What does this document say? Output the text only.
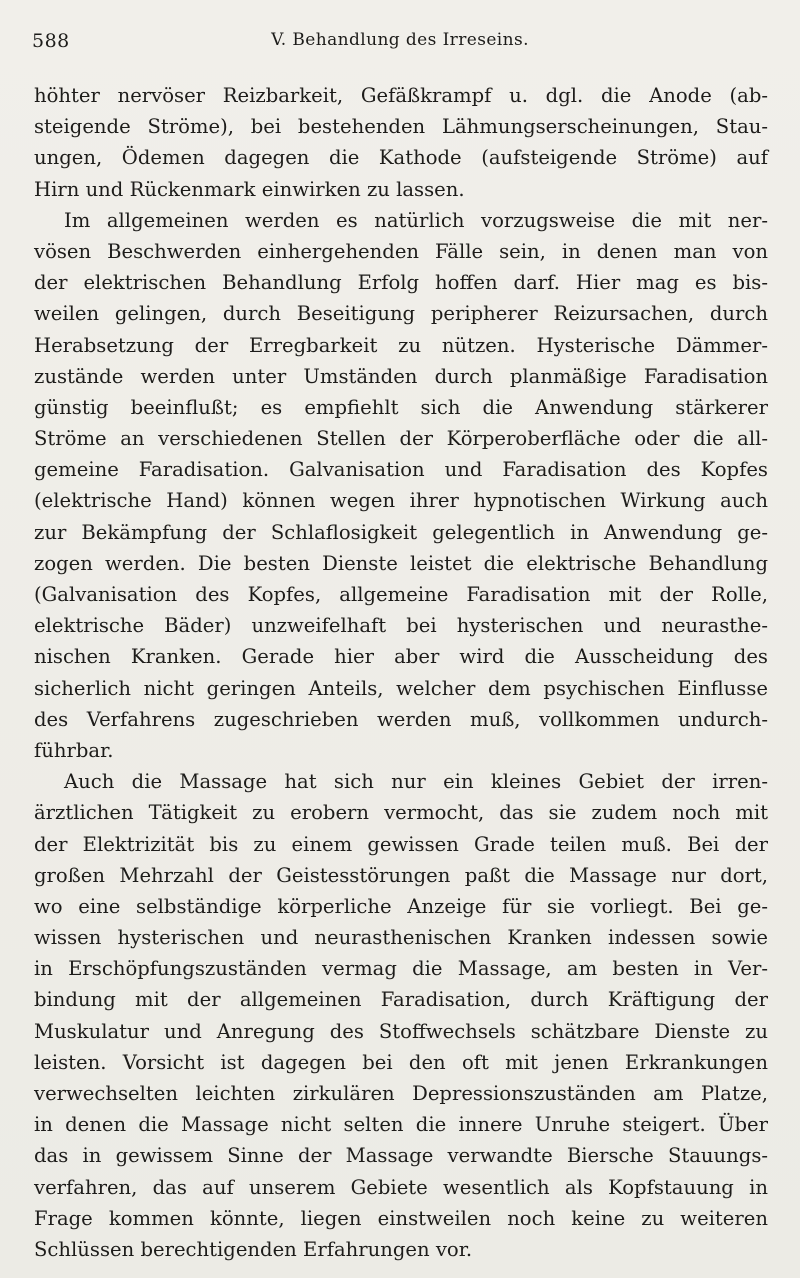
588	V. Behandlung des Irreseins.
höhter nervöser Reizbarkeit, Gefäßkrampf u. dgl. die Anode (ab-
steigende Ströme), bei bestehenden Lähmungserscheinungen, Stau-
ungen, Ödemen dagegen die Kathode (aufsteigende Ströme) auf
Hirn und Rückenmark einwirken zu lassen.
Im allgemeinen werden es natürlich vorzugsweise die mit ner-
vösen Beschwerden einhergehenden Fälle sein, in denen man von
der elektrischen Behandlung Erfolg hoffen darf. Hier mag es bis-
weilen gelingen, durch Beseitigung peripherer Reizursachen, durch
Herabsetzung der Erregbarkeit zu nützen. Hysterische Dämmer-
zustände werden unter Umständen durch planmäßige Faradisation
günstig beeinflußt; es empfiehlt sich die Anwendung stärkerer
Ströme an verschiedenen Stellen der Körperoberfläche oder die all-
gemeine Faradisation. Galvanisation und Faradisation des Kopfes
(elektrische Hand) können wegen ihrer hypnotischen Wirkung auch
zur Bekämpfung der Schlaflosigkeit gelegentlich in Anwendung ge-
zogen werden. Die besten Dienste leistet die elektrische Behandlung
(Galvanisation des Kopfes, allgemeine Faradisation mit der Rolle,
elektrische Bäder) unzweifelhaft bei hysterischen und neurasthe-
nischen Kranken. Gerade hier aber wird die Ausscheidung des
sicherlich nicht geringen Anteils, welcher dem psychischen Einflusse
des Verfahrens zugeschrieben werden muß, vollkommen undurch-
führbar.
Auch die Massage hat sich nur ein kleines Gebiet der irren-
ärztlichen Tätigkeit zu erobern vermocht, das sie zudem noch mit
der Elektrizität bis zu einem gewissen Grade teilen muß. Bei der
großen Mehrzahl der Geistesstörungen paßt die Massage nur dort,
wo eine selbständige körperliche Anzeige für sie vorliegt. Bei ge-
wissen hysterischen und neurasthenischen Kranken indessen sowie
in Erschöpfungszuständen vermag die Massage, am besten in Ver-
bindung mit der allgemeinen Faradisation, durch Kräftigung der
Muskulatur und Anregung des Stoffwechsels schätzbare Dienste zu
leisten. Vorsicht ist dagegen bei den oft mit jenen Erkrankungen
verwechselten leichten zirkulären Depressionszuständen am Platze,
in denen die Massage nicht selten die innere Unruhe steigert. Über
das in gewissem Sinne der Massage verwandte Biersche Stauungs-
verfahren, das auf unserem Gebiete wesentlich als Kopfstauung in
Frage kommen könnte, liegen einstweilen noch keine zu weiteren
Schlüssen berechtigenden Erfahrungen vor.
